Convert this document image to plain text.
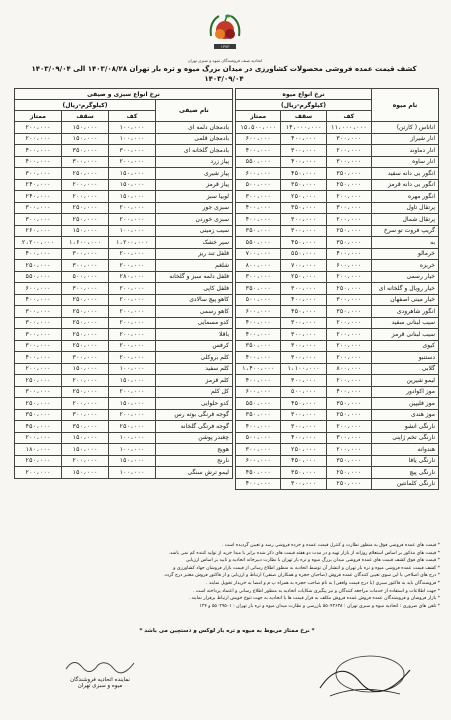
۱۳۷۳
اتحادیه صنف فروشندگان میوه و سبزی تهران
کشف قیمت عمده فروشی محصولات کشاورزی در میدان بزرگ میوه و تره بار تهران ۱۴۰۳/۰۸/۲۸ الی ۱۴۰۳/۰۹/۰۴
۱۴۰۳/۰۹/۰۴
نام میوه	نرخ انواع میوه		
	(کیلوگرم-ریال)		
	کف	سقف	ممتاز
اناناس ( کارتن)	۱۱،۰۰۰،۰۰۰	۱۴،۰۰۰،۰۰۰	۱۵،۵۰۰،۰۰۰
انار شیراز	۳۰۰،۰۰۰	۴۰۰،۰۰۰	۶۰۰،۰۰۰
انار دماوند	۲۰۰،۰۰۰	۳۰۰،۰۰۰	۴۰۰،۰۰۰
انار ساوه	۳۰۰،۰۰۰	۴۰۰،۰۰۰	۵۵۰،۰۰۰
انگور بی دانه سفید	۳۵۰،۰۰۰	۴۵۰،۰۰۰	۶۰۰،۰۰۰
انگور بی دانه قرمز	۲۵۰،۰۰۰	۳۵۰،۰۰۰	۵۰۰،۰۰۰
انگور مهره	۲۰۰،۰۰۰	۲۵۰،۰۰۰	۳۰۰،۰۰۰
پرتقال تاول	۳۰۰،۰۰۰	۳۵۰،۰۰۰	۴۰۰،۰۰۰
پرتقال شمال	۲۰۰،۰۰۰	۳۰۰،۰۰۰	۴۰۰،۰۰۰
گریپ فروت تو سرخ	۲۵۰،۰۰۰	۳۰۰،۰۰۰	۳۵۰،۰۰۰
به	۳۵۰،۰۰۰	۴۵۰،۰۰۰	۵۵۰،۰۰۰
خرمالو	۴۰۰،۰۰۰	۵۵۰،۰۰۰	۷۰۰،۰۰۰
خربزه	۶۰۰،۰۰۰	۷۰۰،۰۰۰	۸۰۰،۰۰۰
خیار رسمی	۲۰۰،۰۰۰	۲۵۰،۰۰۰	۳۰۰،۰۰۰
خیار رویال و گلخانه ای	۲۵۰،۰۰۰	۳۰۰،۰۰۰	۳۵۰،۰۰۰
خیار مینی اصفهان	۳۰۰،۰۰۰	۴۰۰،۰۰۰	۵۰۰،۰۰۰
انگور شاهرودی	۳۵۰،۰۰۰	۴۵۰،۰۰۰	۶۰۰،۰۰۰
سیب لبنانی سفید	۲۰۰،۰۰۰	۳۰۰،۰۰۰	۴۰۰،۰۰۰
سیب لبنانی قرمز	۲۰۰،۰۰۰	۳۰۰،۰۰۰	۴۰۰،۰۰۰
کیوی	۲۰۰،۰۰۰	۳۰۰،۰۰۰	۳۵۰،۰۰۰
دستنبو	۲۰۰،۰۰۰	۳۰۰،۰۰۰	۴۰۰،۰۰۰
گلابی	۸۰۰،۰۰۰	۱،۱۰۰،۰۰۰	۱،۴۰۰،۰۰۰
لیمو شیرین	۲۰۰،۰۰۰	۳۰۰،۰۰۰	۴۰۰،۰۰۰
موز اکوادور	۴۰۰،۰۰۰	۵۰۰،۰۰۰	۶۰۰،۰۰۰
موز فلیپین	۳۵۰،۰۰۰	۴۵۰،۰۰۰	۵۵۰،۰۰۰
موز هندی	۲۵۰،۰۰۰	۳۰۰،۰۰۰	۳۵۰،۰۰۰
نارنگی انشو	۲۰۰،۰۰۰	۳۰۰،۰۰۰	۴۰۰،۰۰۰
نارنگی تخم ژاپنی	۳۰۰،۰۰۰	۴۰۰،۰۰۰	۵۰۰،۰۰۰
هندوانه	۲۰۰،۰۰۰	۲۵۰،۰۰۰	۳۰۰،۰۰۰
نارنگی یافا	۳۵۰،۰۰۰	۴۵۰،۰۰۰	۶۰۰،۰۰۰
نارنگی پیچ	۲۵۰،۰۰۰	۳۵۰،۰۰۰	۴۵۰،۰۰۰
نارنگی کلمانتین	۲۵۰،۰۰۰	۳۰۰،۰۰۰	۴۰۰،۰۰۰
نرخ انواع سبزی و صیفی			
نام صیفی	(کیلوگرم-ریال)		
	کف	سقف	ممتاز
بادمجان دلمه ای	۱۰۰،۰۰۰	۱۵۰،۰۰۰	۲۰۰،۰۰۰
بادمجان قلمی	۱۰۰،۰۰۰	۱۵۰،۰۰۰	۲۰۰،۰۰۰
بادمجان گلخانه ای	۳۰۰،۰۰۰	۳۵۰،۰۰۰	۴۰۰،۰۰۰
پیاز زرد	۲۰۰،۰۰۰	۳۰۰،۰۰۰	۴۰۰،۰۰۰
پیاز شیری	۱۵۰،۰۰۰	۲۵۰،۰۰۰	۳۰۰،۰۰۰
پیاز قرمز	۱۵۰،۰۰۰	۲۰۰،۰۰۰	۲۴۰،۰۰۰
لوبیا سبز	۱۵۰،۰۰۰	۲۰۰،۰۰۰	۲۴۰،۰۰۰
سبزی جور	۲۰۰،۰۰۰	۲۵۰،۰۰۰	۳۰۰،۰۰۰
سبزی خوردن	۲۰۰،۰۰۰	۲۵۰،۰۰۰	۳۰۰،۰۰۰
سیب زمینی	۱۰۰،۰۰۰	۱۵۰،۰۰۰	۲۶۰،۰۰۰
سیر خشک	۱،۲۰۰،۰۰۰	۱،۶۰۰،۰۰۰	۲،۲۰۰،۰۰۰
فلفل تند ریز	۲۰۰،۰۰۰	۳۰۰،۰۰۰	۴۰۰،۰۰۰
شلغم	۲۰۰،۰۰۰	۳۰۰،۰۰۰	۲۵۰،۰۰۰
فلفل دلمه سبز و گلخانه	۲۸۰،۰۰۰	۵۰۰،۰۰۰	۵۵۰،۰۰۰
فلفل کاپی	۲۰۰،۰۰۰	۳۰۰،۰۰۰	۶۰۰،۰۰۰
کاهو پیچ سالادی	۲۰۰،۰۰۰	۲۵۰،۰۰۰	۴۰۰،۰۰۰
کاهو رسمی	۲۰۰،۰۰۰	۲۵۰،۰۰۰	۳۰۰،۰۰۰
کدو مسمایی	۲۰۰،۰۰۰	۲۵۰،۰۰۰	۳۰۰،۰۰۰
باقلا	۲۰۰،۰۰۰	۲۵۰،۰۰۰	۳۰۰،۰۰۰
کرفس	۲۰۰،۰۰۰	۲۵۰،۰۰۰	۳۰۰،۰۰۰
کلم بروکلی	۲۰۰،۰۰۰	۳۰۰،۰۰۰	۴۰۰،۰۰۰
کلم سفید	۱۰۰،۰۰۰	۱۵۰،۰۰۰	۲۰۰،۰۰۰
کلم قرمز	۱۵۰،۰۰۰	۲۰۰،۰۰۰	۲۵۰،۰۰۰
کل کلم	۲۰۰،۰۰۰	۲۵۰،۰۰۰	۳۰۰،۰۰۰
کدو حلوایی	۱۵۰،۰۰۰	۲۰۰،۰۰۰	۲۵۰،۰۰۰
گوجه فرنگی بوته رس	۲۰۰،۰۰۰	۳۰۰،۰۰۰	۳۵۰،۰۰۰
گوجه فرنگی گلخانه	۲۵۰،۰۰۰	۳۵۰،۰۰۰	۴۵۰،۰۰۰
چغندر پوشن	۱۰۰،۰۰۰	۱۵۰،۰۰۰	۲۰۰،۰۰۰
هویج	۱۰۰،۰۰۰	۱۵۰،۰۰۰	۱۸۰،۰۰۰
نارنج	۱۵۰،۰۰۰	۲۰۰،۰۰۰	۲۵۰،۰۰۰
لیمو ترش سنگی	۱۰۰،۰۰۰	۱۵۰،۰۰۰	۲۰۰،۰۰۰
* قیمت های عمده فروشی فوق به منظور نظارت و کنترل قیمت عمده و خرده فروشی رسد و تعیین گردیده است .
* قیمت های مذکور بر اساس استعلام روزانه از بازار تهیه و در مدت دو هفته قیمت های ذکر شده برابر با مبدا خرید از تولید کننده کم نمی باشد.
* قیمت های فوق کشف قیمت های عمده فروشی میدان بزرگ میوه و تره بار تهران با نظارت دبیرخانه اتحادیه و تایید بر اساس ارزیابی
* کشف قیمت عمده فروشی میوه و تره بار تهران و انتشار آن توسط اتحادیه به منظور اطلاع رسانی از قیمت بازار فروشان جهاد کشاورزی و
* درج های اصلاحی با این سوی تعیین کنندگان عمده فروش (صاحبان حجره و همکاران صنفی) ارتباط و ارزیابی و از فاکتور فروش معتبر درج گردد.
* فروشندگان باید به فاکتور سبزی (با درج قیمت واقعی) به نام صاحب حجره به همراه پ م و امضا به خریدار تحویل نمایند .
* جهت اطلاعات و استفاده از خدمات مراجعه کنندگان و نیز پیگیری شکایات اتحادیه به منظور اطلاع رسانی و اعتماد پرداخته است .
* بازار فروشان و فروشندگان عمده فروش عمده فروش مکلف به قرار قیمت ها با اتحادیه به جهت تنوع خویش ارتباط برقرار نمایند .
* تلفن های ضروری : اتحادیه میوه و سبزی تهران : ۵۵۰۴۲۶۳۸ بازرسی و نظارت میدان میوه و تره بار تهران : ۵۵۰۲۹۵۰۱ و ۱۲۴
* نرخ ممتاز مربوط به میوه و تره بار لوکس و دستچین می باشد *
نماینده اتحادیه فروشندگان
میوه و سبزی تهران
